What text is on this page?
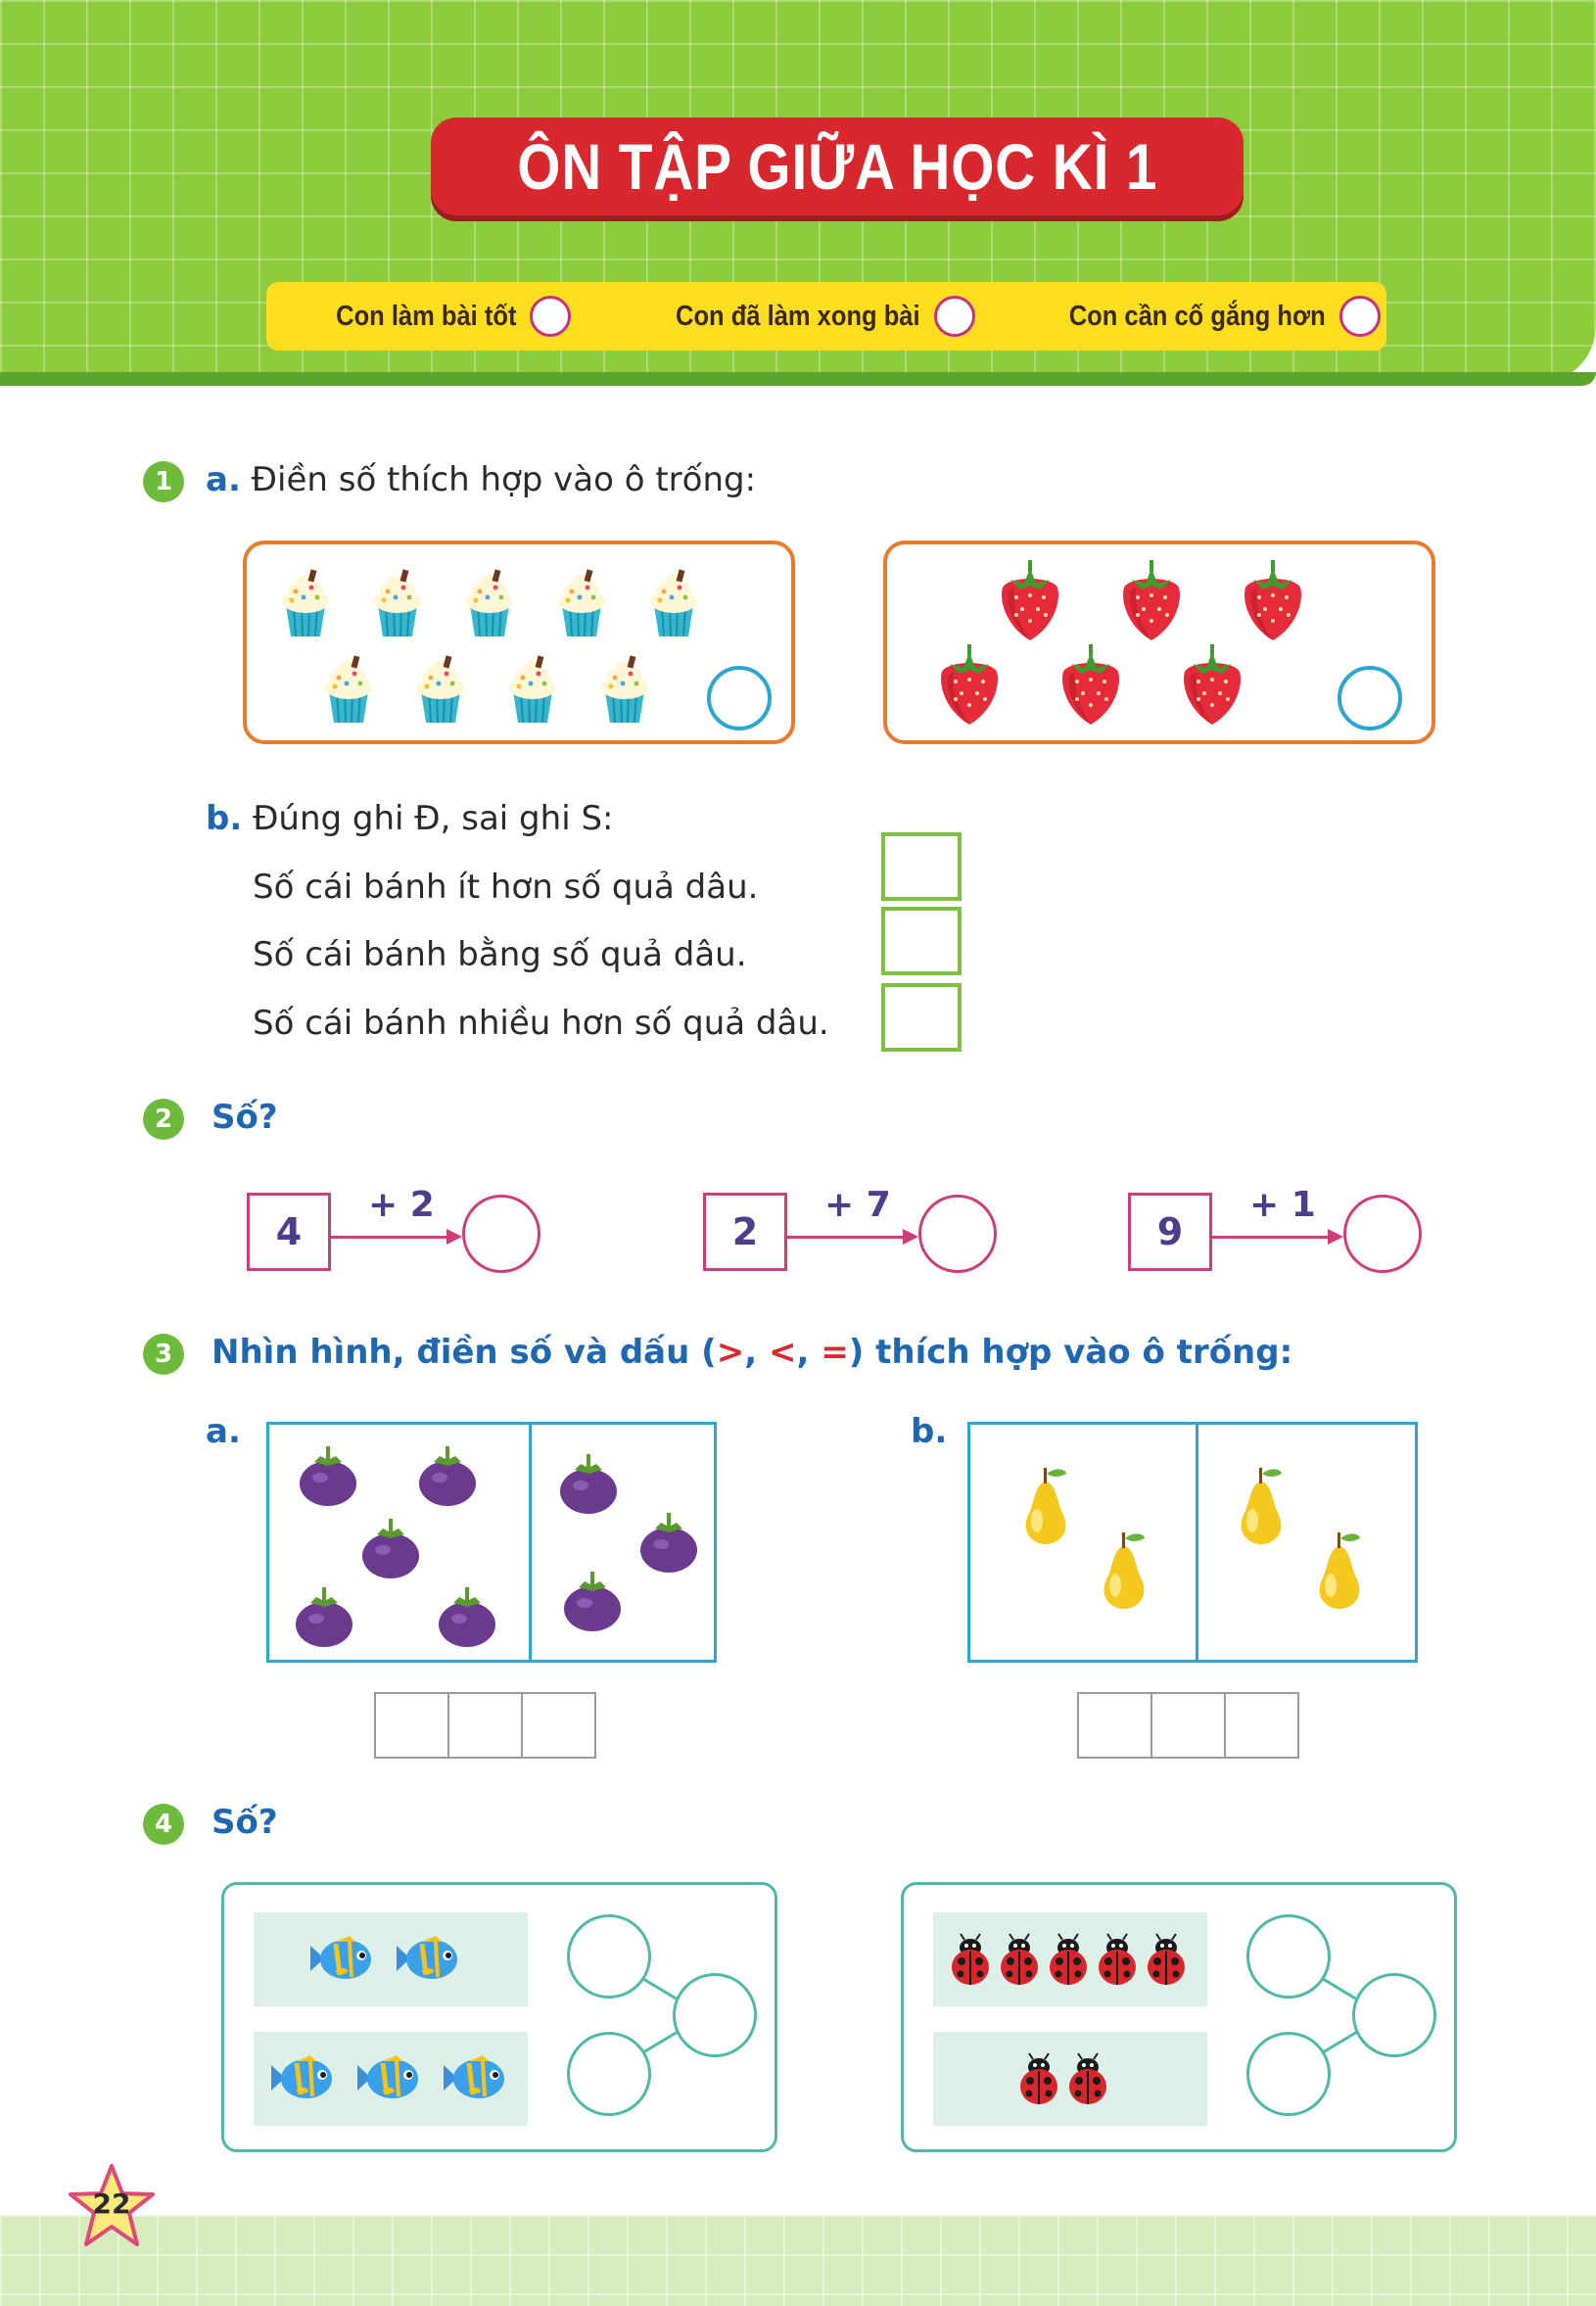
ÔN TẬP GIỮA HỌC KÌ 1
Con làm bài tốt	Con đã làm xong bài	Con cần cố gắng hơn
1 a. Điền số thích hợp vào ô trống:
b. Đúng ghi Đ, sai ghi S:
Số cái bánh ít hơn số quả dâu.
Số cái bánh bằng số quả dâu.
Số cái bánh nhiều hơn số quả dâu.
2	Số?
4
+ 2
2
+ 7
9
+ 1
3	Nhìn hình, điền số và dấu (>, <, =) thích hợp vào ô trống:
a.	b.
4	Số?
22
